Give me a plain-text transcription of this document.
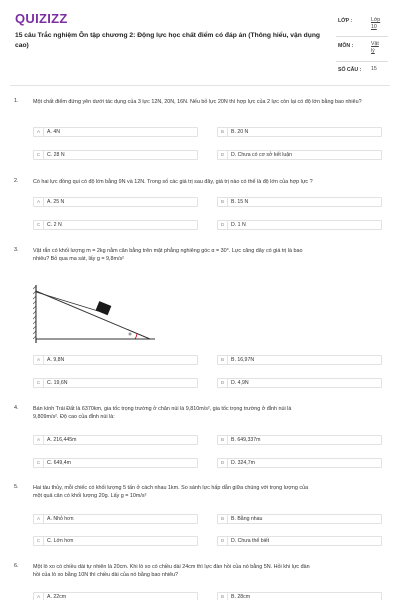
QUIZIZZ
15 câu Trắc nghiệm Ôn tập chương 2: Động lực học chất điểm có đáp án (Thông hiểu, vận dụng cao)
LỚP :	Lớp
10
MÔN :	Vật
lý
SỐ CÂU :	15
1.	Một chất điểm đứng yên dưới tác dụng của 3 lực 12N, 20N, 16N. Nếu bỏ lực 20N thì hợp lực của 2 lực còn lại có độ lớn bằng bao nhiêu?
A	A. 4N	B	B. 20 N
C	C. 28 N	D	D. Chưa có cơ sở kết luận
2.	Có hai lực đồng qui có độ lớn bằng 9N và 12N. Trong số các giá trị sau đây, giá trị nào có thể là độ lớn của hợp lực ?
A	A. 25 N	B	B. 15 N
C	C. 2 N	D	D. 1 N
3.	Vật rắn có khối lượng m = 2kg nằm cân bằng trên mặt phẳng nghiêng góc α = 30°. Lực căng dây có giá trị là bao
nhiêu? Bỏ qua ma sát, lấy g = 9,8m/s²
A	A. 9,8N	B	B. 16,97N
C	C. 19,6N	D	D. 4,9N
4.	Bán kính Trái Đất là 6370km, gia tốc trọng trường ở chân núi là 9,810m/s², gia tốc trọng trường ở đỉnh núi là
9,809m/s². Độ cao của đỉnh núi là:
A	A. 216,445m	B	B. 649,337m
C	C. 649,4m	D	D. 324,7m
5.	Hai tàu thủy, mỗi chiếc có khối lượng 5 tấn ở cách nhau 1km. So sánh lực hấp dẫn giữa chúng với trọng lượng của
một quả cân có khối lượng 20g. Lấy g = 10m/s²
A	A. Nhỏ hơn	B	B. Bằng nhau
C	C. Lớn hơn	D	D. Chưa thể biết
6.	Một lò xo có chiều dài tự nhiên là 20cm. Khi lò xo có chiều dài 24cm thì lực đàn hồi của nó bằng 5N. Hỏi khi lực đàn
hồi của lò xo bằng 10N thì chiều dài của nó bằng bao nhiêu?
A	A. 22cm	B	B. 28cm
